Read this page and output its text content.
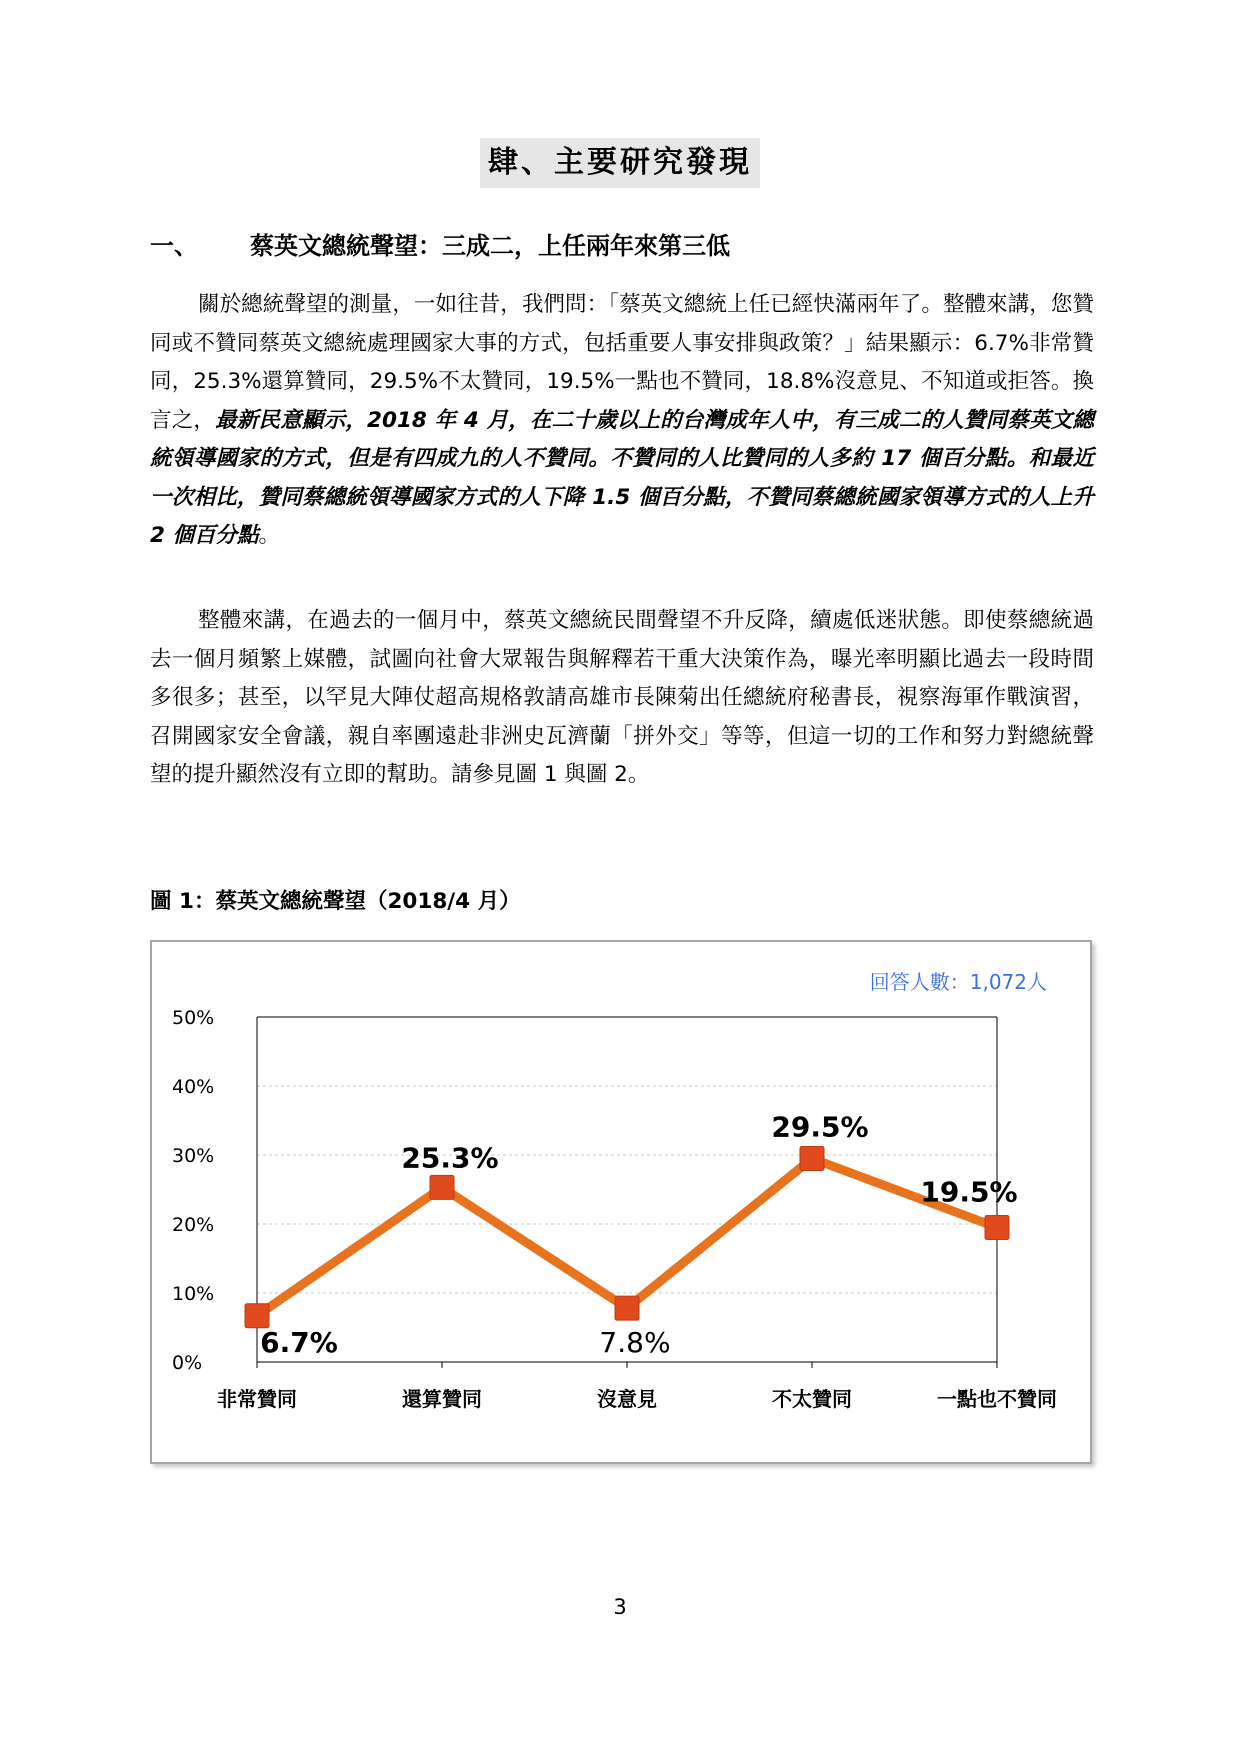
肆、主要研究發現
一、 蔡英文總統聲望：三成二，上任兩年來第三低

關於總統聲望的測量，一如往昔，我們問：「蔡英文總統上任已經快滿兩年了。整體來講，您贊同或不贊同蔡英文總統處理國家大事的方式，包括重要人事安排與政策？」結果顯示：6.7%非常贊同，25.3%還算贊同，29.5%不太贊同，19.5%一點也不贊同，18.8%沒意見、不知道或拒答。換言之，最新民意顯示，2018 年 4 月，在二十歲以上的台灣成年人中，有三成二的人贊同蔡英文總統領導國家的方式，但是有四成九的人不贊同。不贊同的人比贊同的人多約 17 個百分點。和最近一次相比，贊同蔡總統領導國家方式的人下降 1.5 個百分點，不贊同蔡總統國家領導方式的人上升 2 個百分點。

整體來講，在過去的一個月中，蔡英文總統民間聲望不升反降，續處低迷狀態。即使蔡總統過去一個月頻繁上媒體，試圖向社會大眾報告與解釋若干重大決策作為，曝光率明顯比過去一段時間多很多；甚至，以罕見大陣仗超高規格敦請高雄市長陳菊出任總統府秘書長，視察海軍作戰演習，召開國家安全會議，親自率團遠赴非洲史瓦濟蘭「拼外交」等等，但這一切的工作和努力對總統聲望的提升顯然沒有立即的幫助。請參見圖 1 與圖 2。

圖 1：蔡英文總統聲望（2018/4 月）
0%
10%
20%
30%
40%
50%
非常贊同	還算贊同	沒意見	不太贊同	一點也不贊同
6.7%
25.3%
7.8%
29.5%
19.5%
回答人數：1,072人
3
